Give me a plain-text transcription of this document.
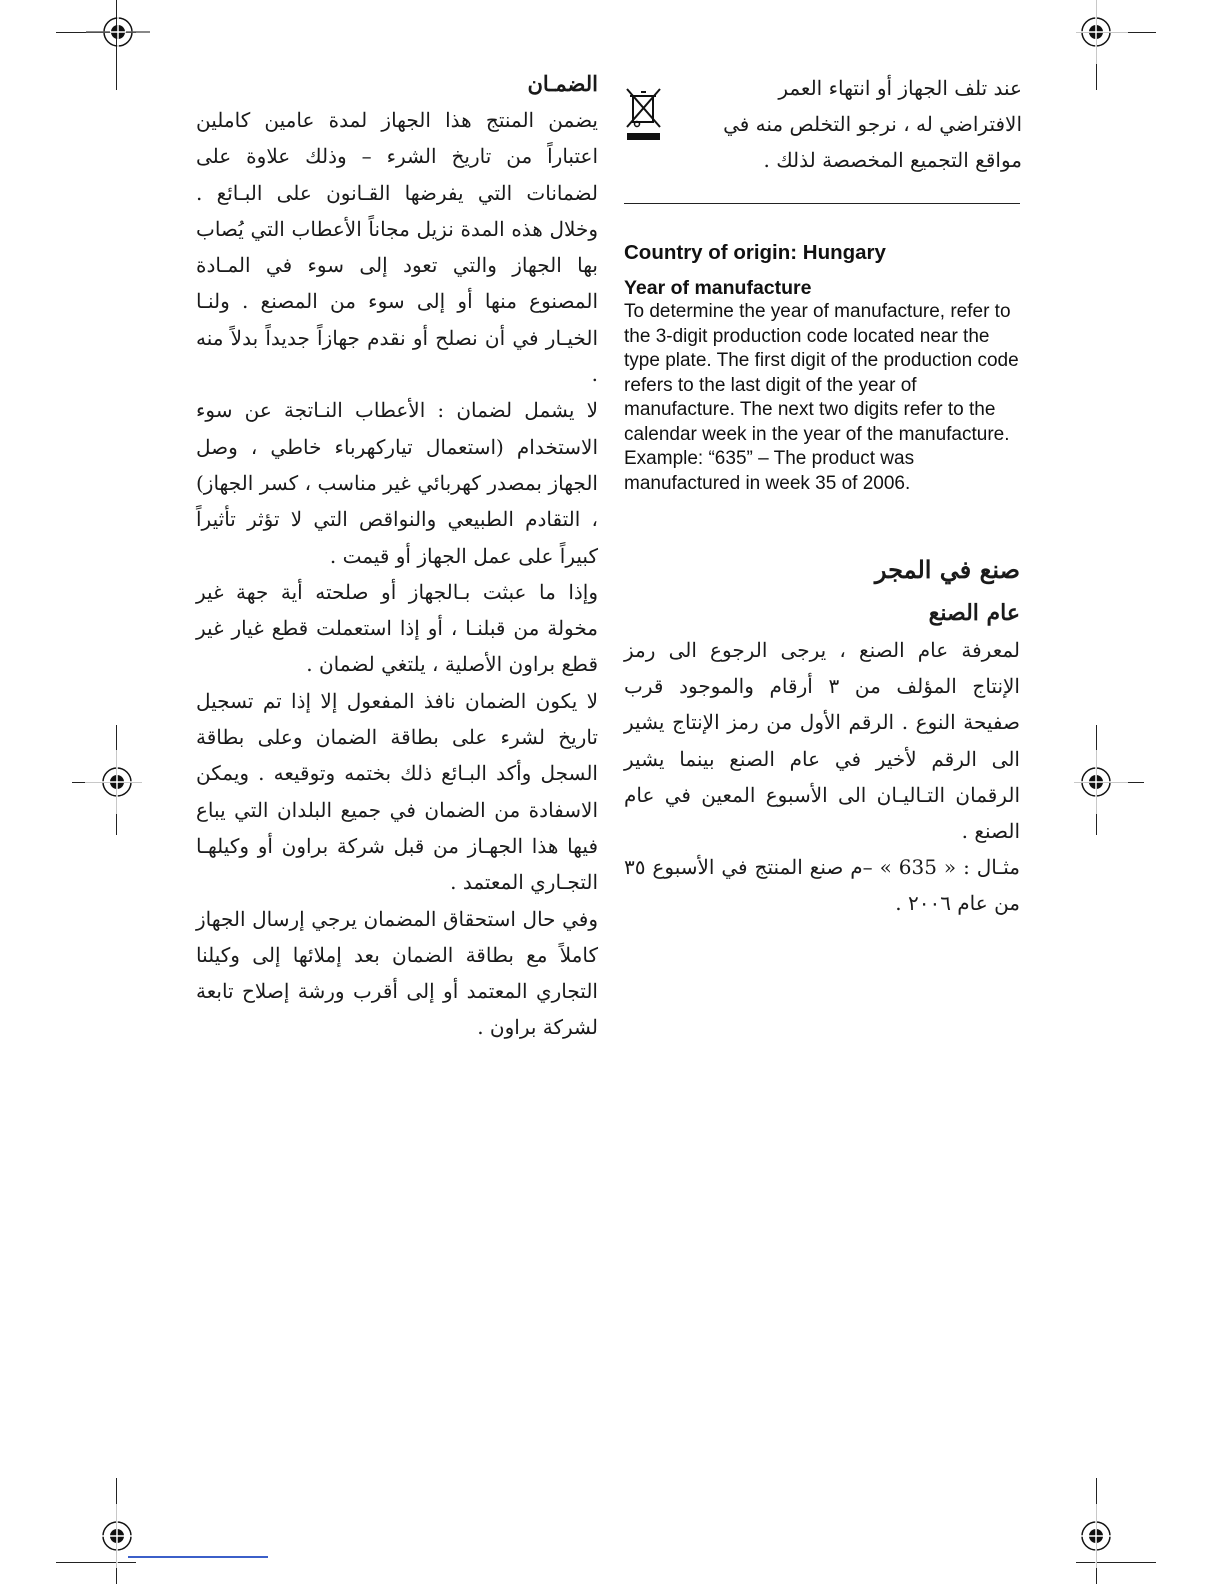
الضمـان

يضمن المنتج هذا الجهاز لمدة عامين كاملين اعتباراً من تاريخ الشرء – وذلك علاوة على لضمانات التي يفرضها القـانون على البـائع . وخلال هذه المدة نزيل مجاناً الأعطاب التي يُصاب بها الجهاز والتي تعود إلى سوء في المـادة المصنوع منها أو إلى سوء من المصنع . ولنـا الخيـار في أن نصلح أو نقدم جهازاً جديداً بدلاً منه .

لا يشمل لضمان : الأعطاب النـاتجة عن سوء الاستخدام (استعمال تياركهرباء خاطي ، وصل الجهاز بمصدر كهربائي غير مناسب ، كسر الجهاز) ، التقادم الطبيعي والنواقص التي لا تؤثر تأثيراً كبيراً على عمل الجهاز أو قيمت .

وإذا ما عبثت بـالجهاز أو صلحته أية جهة غير مخولة من قبلنـا ، أو إذا استعملت قطع غيار غير قطع براون الأصلية ، يلتغي لضمان .

لا يكون الضمان نافذ المفعول إلا إذا تم تسجيل تاريخ لشرء على بطاقة الضمان وعلى بطاقة السجل وأكد البـائع ذلك بختمه وتوقيعه . ويمكن الاسفادة من الضمان في جميع البلدان التي يباع فيها هذا الجهـاز من قبل شركة براون أو وكيلهـا التجـاري المعتمد .

وفي حال استحقاق المضمان يرجي إرسال الجهاز كاملاً مع بطاقة الضمان بعد إملائها إلى وكيلنا التجاري المعتمد أو إلى أقرب ورشة إصلاح تابعة لشركة براون .

عند تلف الجهاز أو انتهاء العمر الافتراضي له ، نرجو التخلص منه في مواقع التجميع المخصصة لذلك .

Country of origin: Hungary

Year of manufacture

To determine the year of manufacture, refer to the 3-digit production code located near the type plate. The first digit of the production code refers to the last digit of the year of manufacture. The next two digits refer to the calendar week in the year of the manufacture.

Example: “635” – The product was manufactured in week 35 of 2006.

صنع في المجر
عام الصنع

لمعرفة عام الصنع ، يرجى الرجوع الى رمز الإنتاج المؤلف من ٣ أرقام والموجود قرب صفيحة النوع . الرقم الأول من رمز الإنتاج يشير الى الرقم لأخير في عام الصنع بينما يشير الرقمان التـاليـان الى الأسبوع المعين في عام الصنع .

مثـال : « 635 » –م صنع المنتج في الأسبوع ٣٥ من عام ٢٠٠٦ .
